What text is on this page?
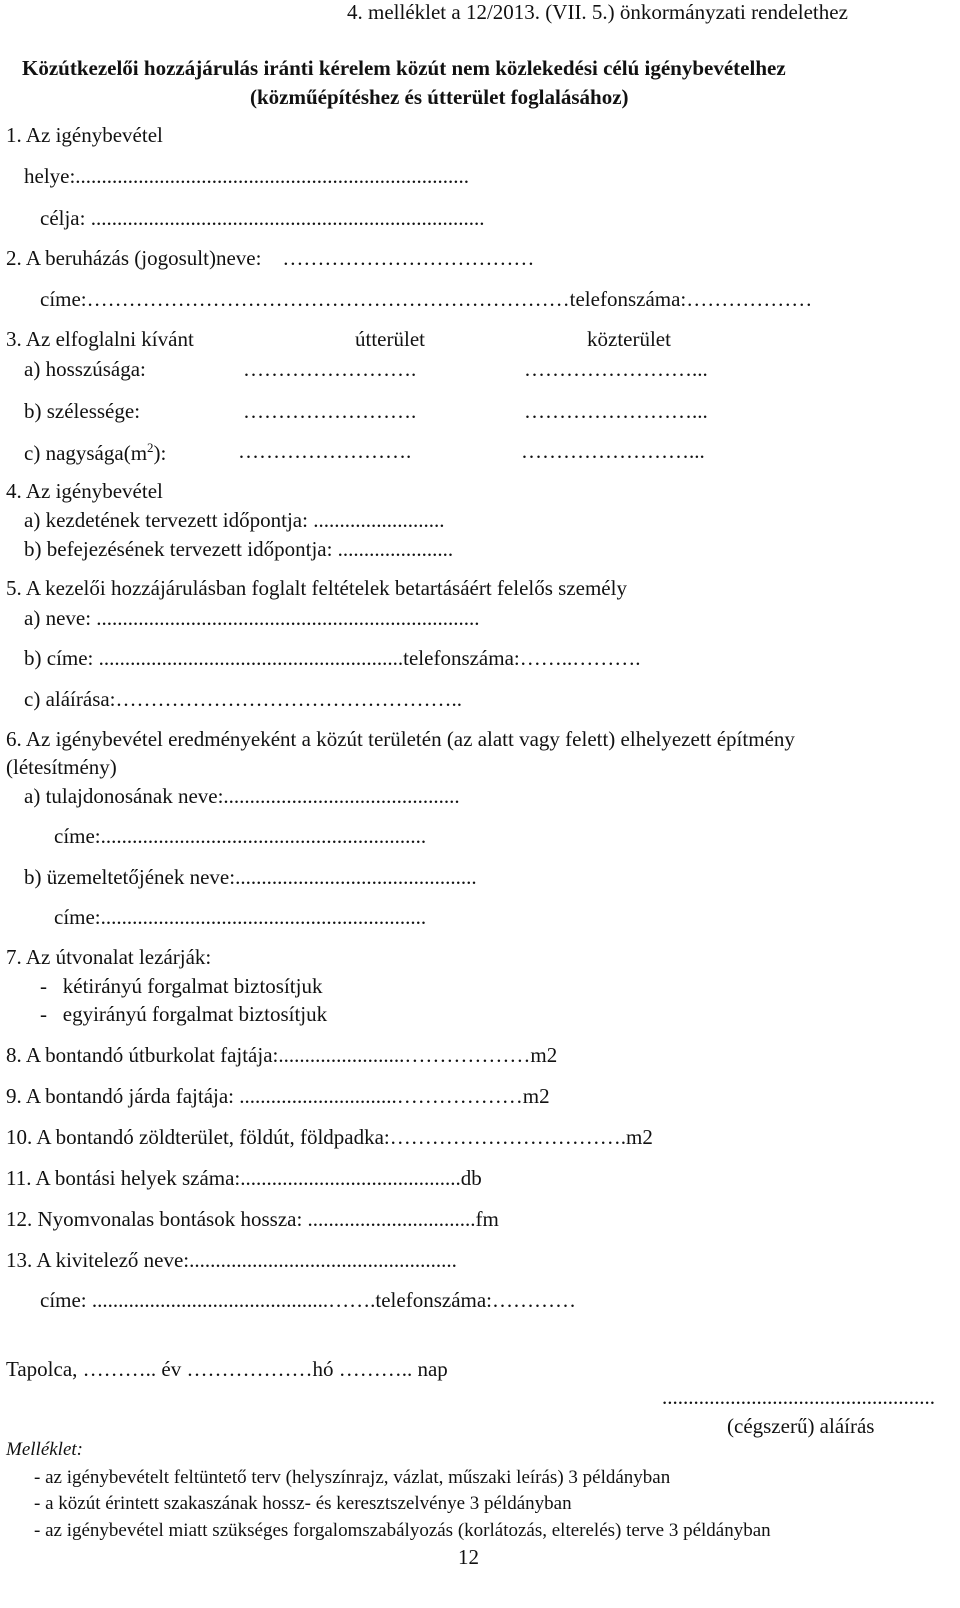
4. melléklet a 12/2013. (VII. 5.) önkormányzati rendelethez
Közútkezelői hozzájárulás iránti kérelem közút nem közlekedési célú igénybevételhez
(közműépítéshez és útterület foglalásához)
1. Az igénybevétel
helye:...........................................................................
célja: ...........................................................................
2. A beruházás (jogosult)neve:    ………………………………
címe:……………………………………………………………telefonszáma:………………
3. Az elfoglalni kívánt	útterület	közterület
a) hosszúsága:	…………………….	……………………...
b) szélessége:	…………………….	……………………...
c) $nagysága(m^2)$:	…………………….	……………………...
4. Az igénybevétel
a) kezdetének tervezett időpontja: .........................
b) befejezésének tervezett időpontja: ......................
5. A kezelői hozzájárulásban foglalt feltételek betartásáért felelős személy
a) neve: .........................................................................
b) címe: ..........................................................telefonszáma:……..……….
c) aláírása:…………………………………………..
6. Az igénybevétel eredményeként a közút területén (az alatt vagy felett) elhelyezett építmény
(létesítmény)
a) tulajdonosának neve:.............................................
címe:..............................................................
b) üzemeltetőjének neve:..............................................
címe:..............................................................
7. Az útvonalat lezárják:
-   kétirányú forgalmat biztosítjuk
-   egyirányú forgalmat biztosítjuk
8. A bontandó útburkolat fajtája:........................………………m2
9. A bontandó járda fajtája: ..............................………………m2
10. A bontandó zöldterület, földút, földpadka:…………………………….m2
11. A bontási helyek száma:..........................................db
12. Nyomvonalas bontások hossza: ................................fm
13. A kivitelező neve:...................................................
címe: .............................................…….telefonszáma:…………
Tapolca, ……….. év ………………hó ……….. nap
....................................................
(cégszerű) aláírás
Melléklet:
- az igénybevételt feltüntető terv (helyszínrajz, vázlat, műszaki leírás) 3 példányban
- a közút érintett szakaszának hossz- és keresztszelvénye 3 példányban
- az igénybevétel miatt szükséges forgalomszabályozás (korlátozás, elterelés) terve 3 példányban
12
